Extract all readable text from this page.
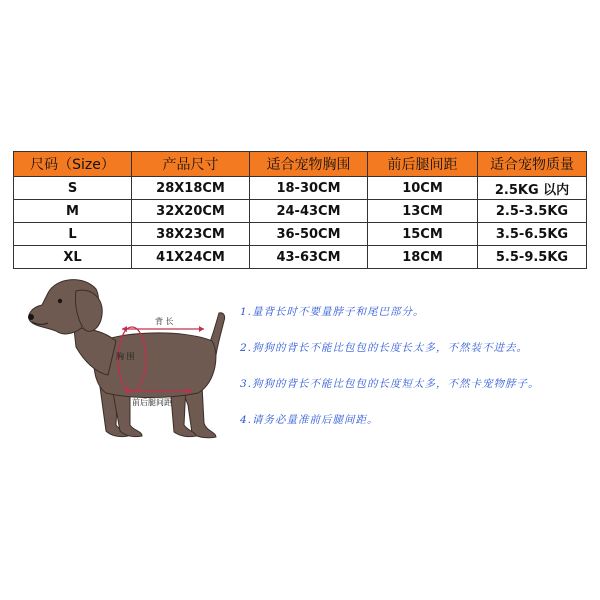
尺码（Size）	产品尺寸	适合宠物胸围	前后腿间距	适合宠物质量
S	28X18CM	18-30CM	10CM	2.5KG 以内
M	32X20CM	24-43CM	13CM	2.5-3.5KG
L	38X23CM	36-50CM	15CM	3.5-6.5KG
XL	41X24CM	43-63CM	18CM	5.5-9.5KG
背 长
胸 围
前后腿间距
1.量背长时不要量脖子和尾巴部分。
2.狗狗的背长不能比包包的长度长太多，不然装不进去。
3.狗狗的背长不能比包包的长度短太多，不然卡宠物脖子。
4.请务必量准前后腿间距。
